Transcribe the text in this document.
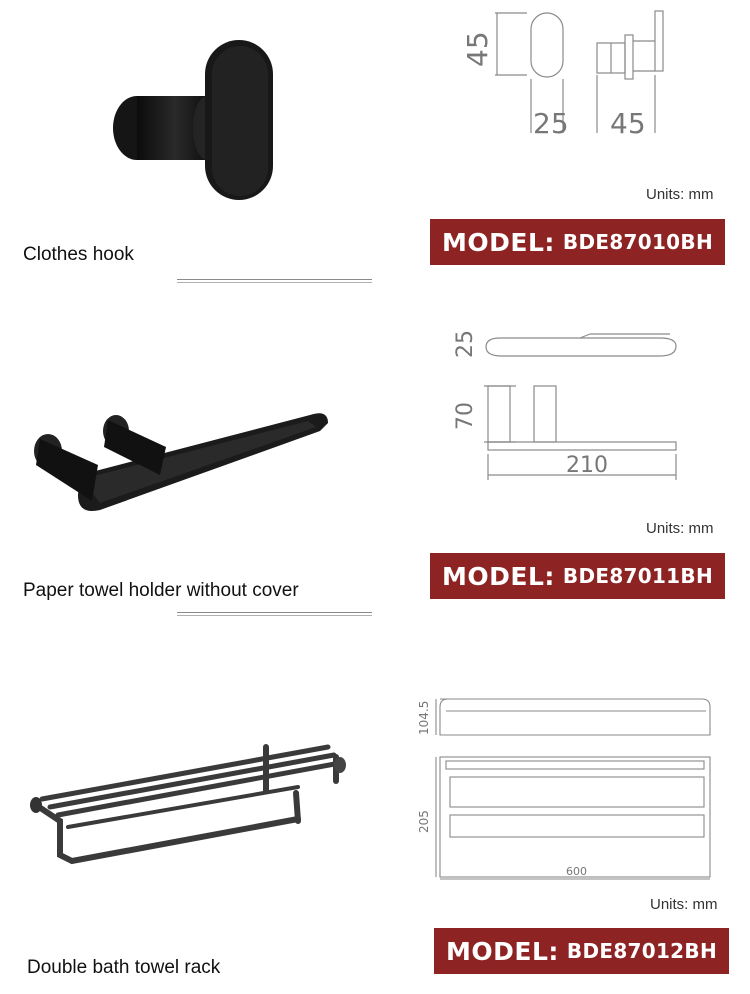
45
25 45
Units: mm
MODEL: BDE87010BH
Clothes hook
25
70
210
Units: mm
MODEL: BDE87011BH
Paper towel holder without cover
104.5
205
600
Units: mm
MODEL: BDE87012BH
Double bath towel rack
